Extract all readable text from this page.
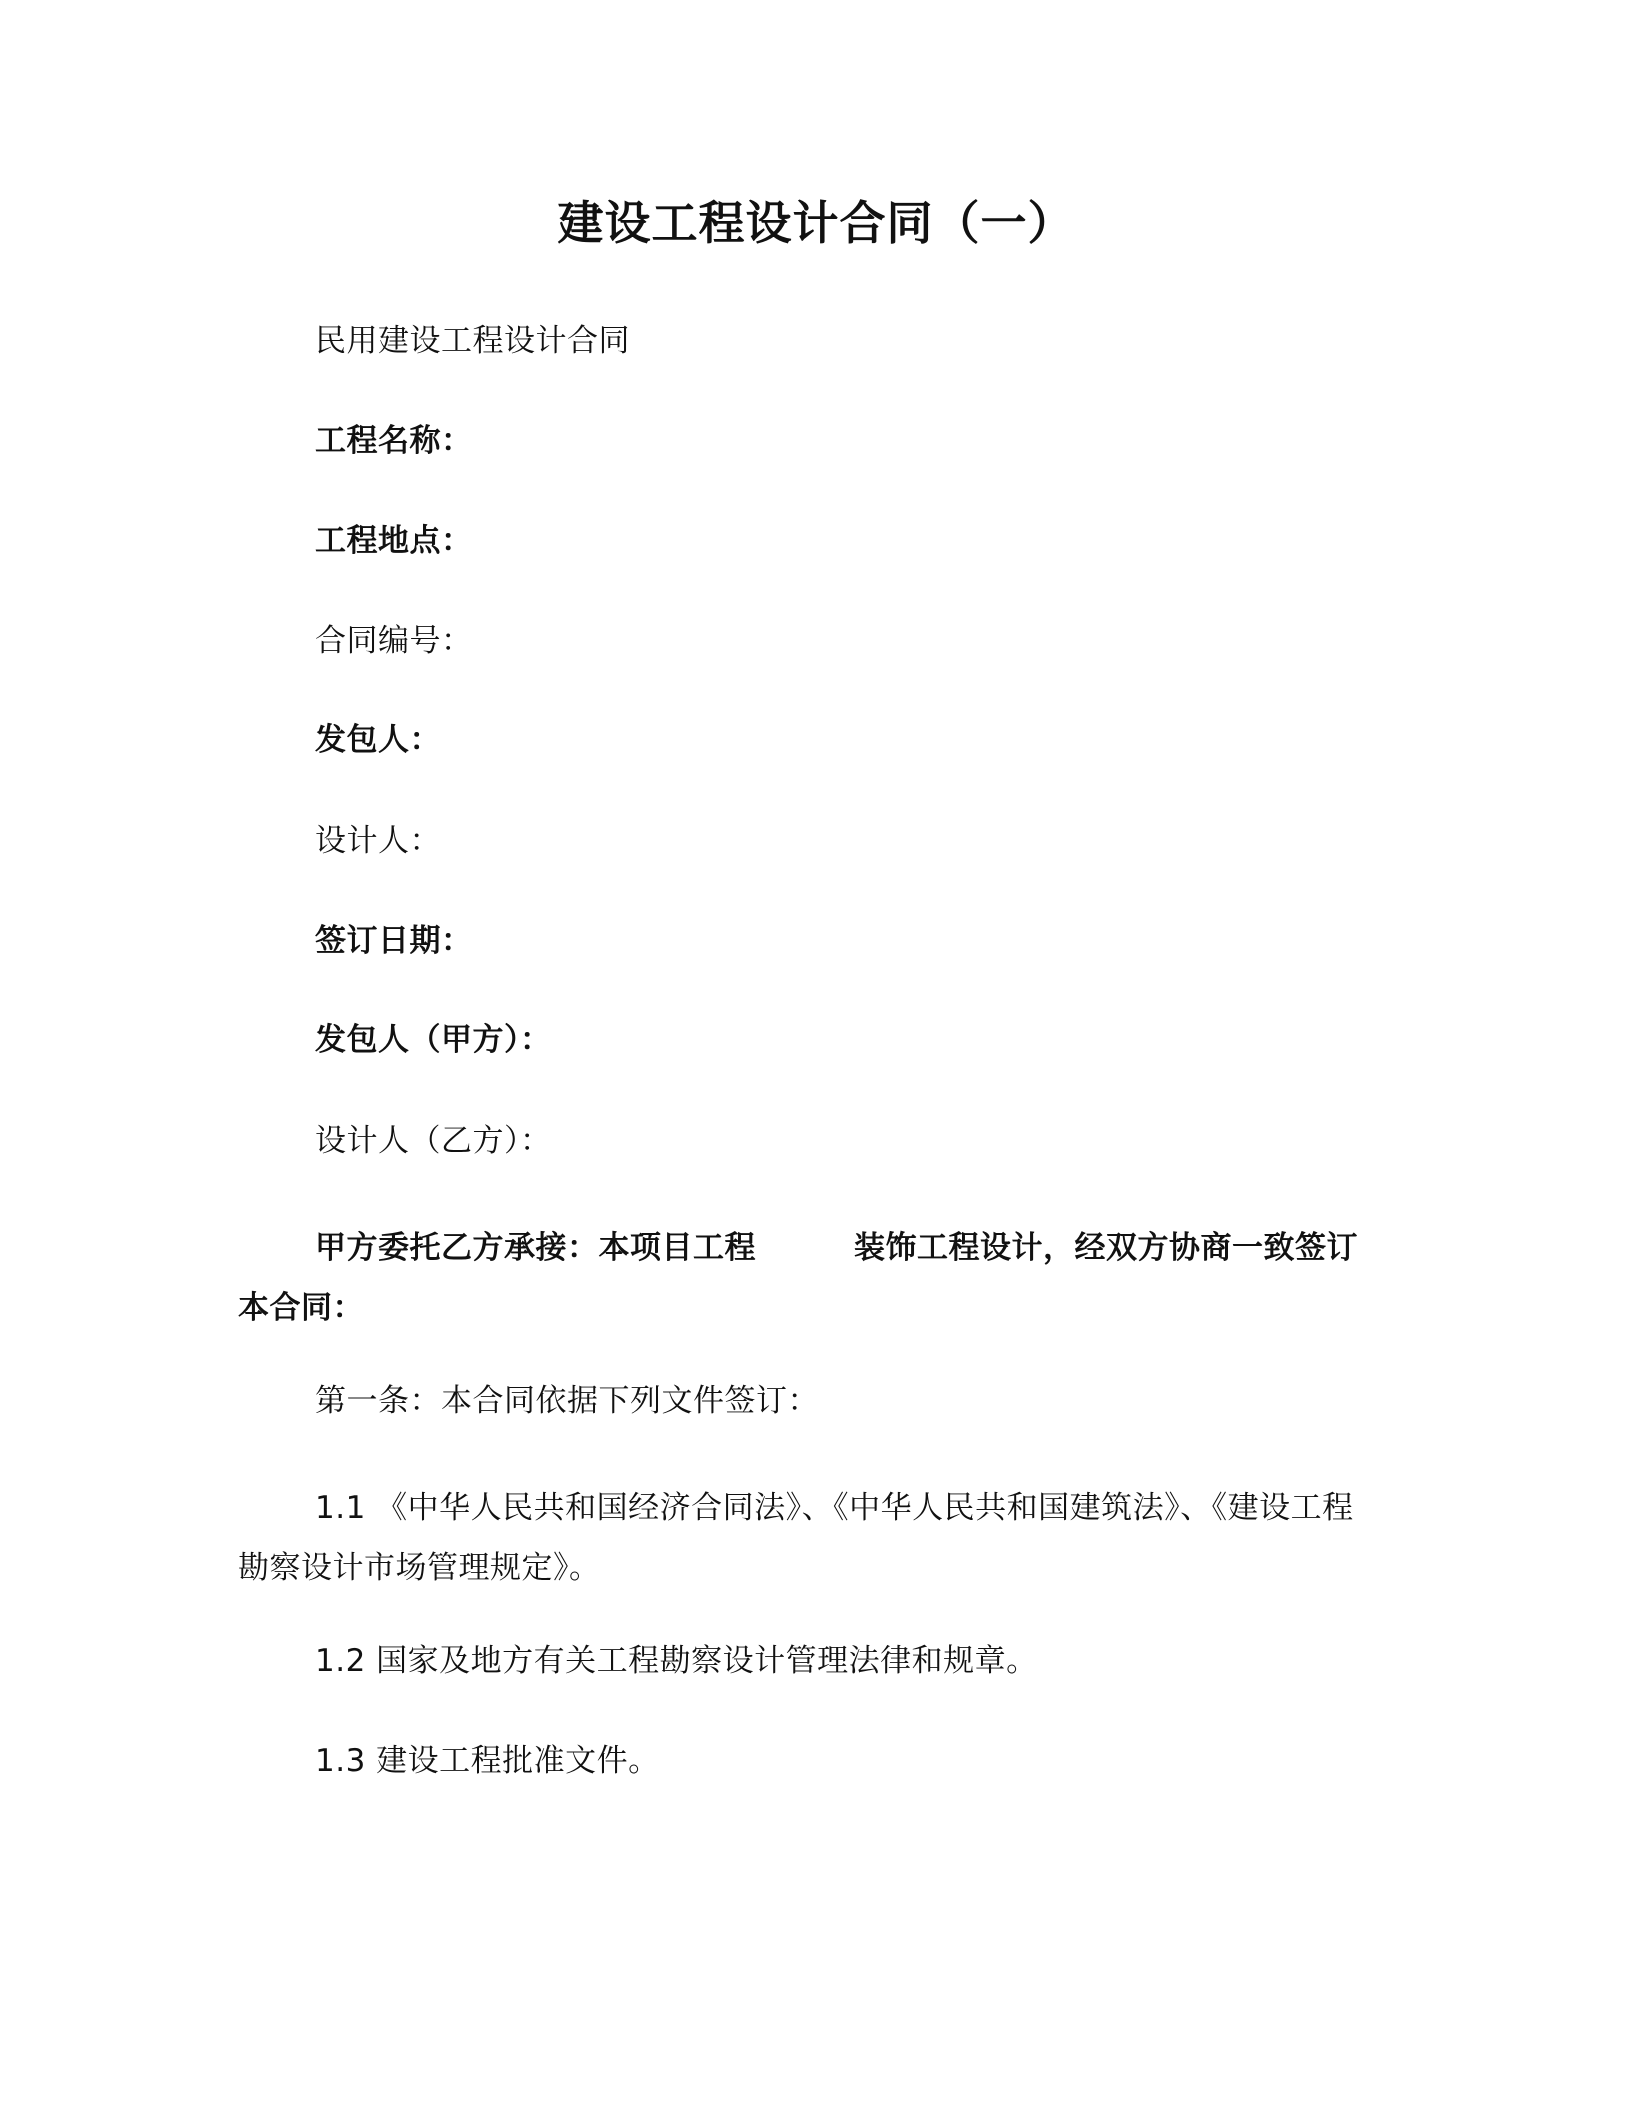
建设工程设计合同（一）
民用建设工程设计合同
工程名称：
工程地点：
合同编号：
发包人：
设计人：
签订日期：
发包人（甲方）：
设计人（乙方）：
甲方委托乙方承接：本项目工程	装饰工程设计，经双方协商一致签订本合同：
第一条：本合同依据下列文件签订：
1.1 《中华人民共和国经济合同法》、《中华人民共和国建筑法》、《建设工程勘察设计市场管理规定》。
1.2 国家及地方有关工程勘察设计管理法律和规章。
1.3 建设工程批准文件。
